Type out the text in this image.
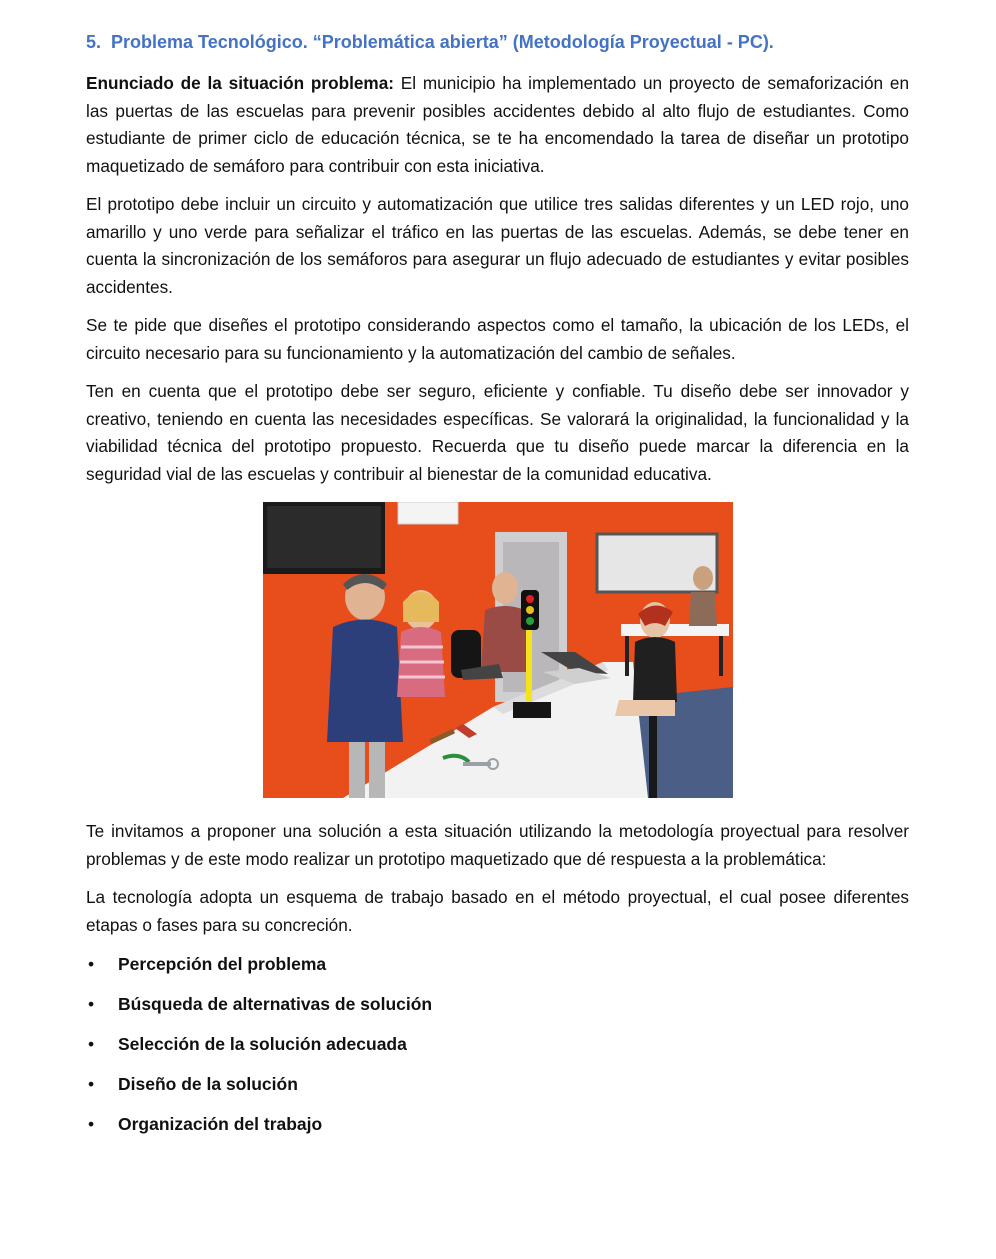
5. Problema Tecnológico. “Problemática abierta” (Metodología Proyectual - PC).

Enunciado de la situación problema: El municipio ha implementado un proyecto de semaforización en las puertas de las escuelas para prevenir posibles accidentes debido al alto flujo de estudiantes. Como estudiante de primer ciclo de educación técnica, se te ha encomendado la tarea de diseñar un prototipo maquetizado de semáforo para contribuir con esta iniciativa.

El prototipo debe incluir un circuito y automatización que utilice tres salidas diferentes y un LED rojo, uno amarillo y uno verde para señalizar el tráfico en las puertas de las escuelas. Además, se debe tener en cuenta la sincronización de los semáforos para asegurar un flujo adecuado de estudiantes y evitar posibles accidentes.

Se te pide que diseñes el prototipo considerando aspectos como el tamaño, la ubicación de los LEDs, el circuito necesario para su funcionamiento y la automatización del cambio de señales.

Ten en cuenta que el prototipo debe ser seguro, eficiente y confiable. Tu diseño debe ser innovador y creativo, teniendo en cuenta las necesidades específicas. Se valorará la originalidad, la funcionalidad y la viabilidad técnica del prototipo propuesto. Recuerda que tu diseño puede marcar la diferencia en la seguridad vial de las escuelas y contribuir al bienestar de la comunidad educativa.

Te invitamos a proponer una solución a esta situación utilizando la metodología proyectual para resolver problemas y de este modo realizar un prototipo maquetizado que dé respuesta a la problemática:

La tecnología adopta un esquema de trabajo basado en el método proyectual, el cual posee diferentes etapas o fases para su concreción.

• Percepción del problema
• Búsqueda de alternativas de solución
• Selección de la solución adecuada
• Diseño de la solución
• Organización del trabajo
